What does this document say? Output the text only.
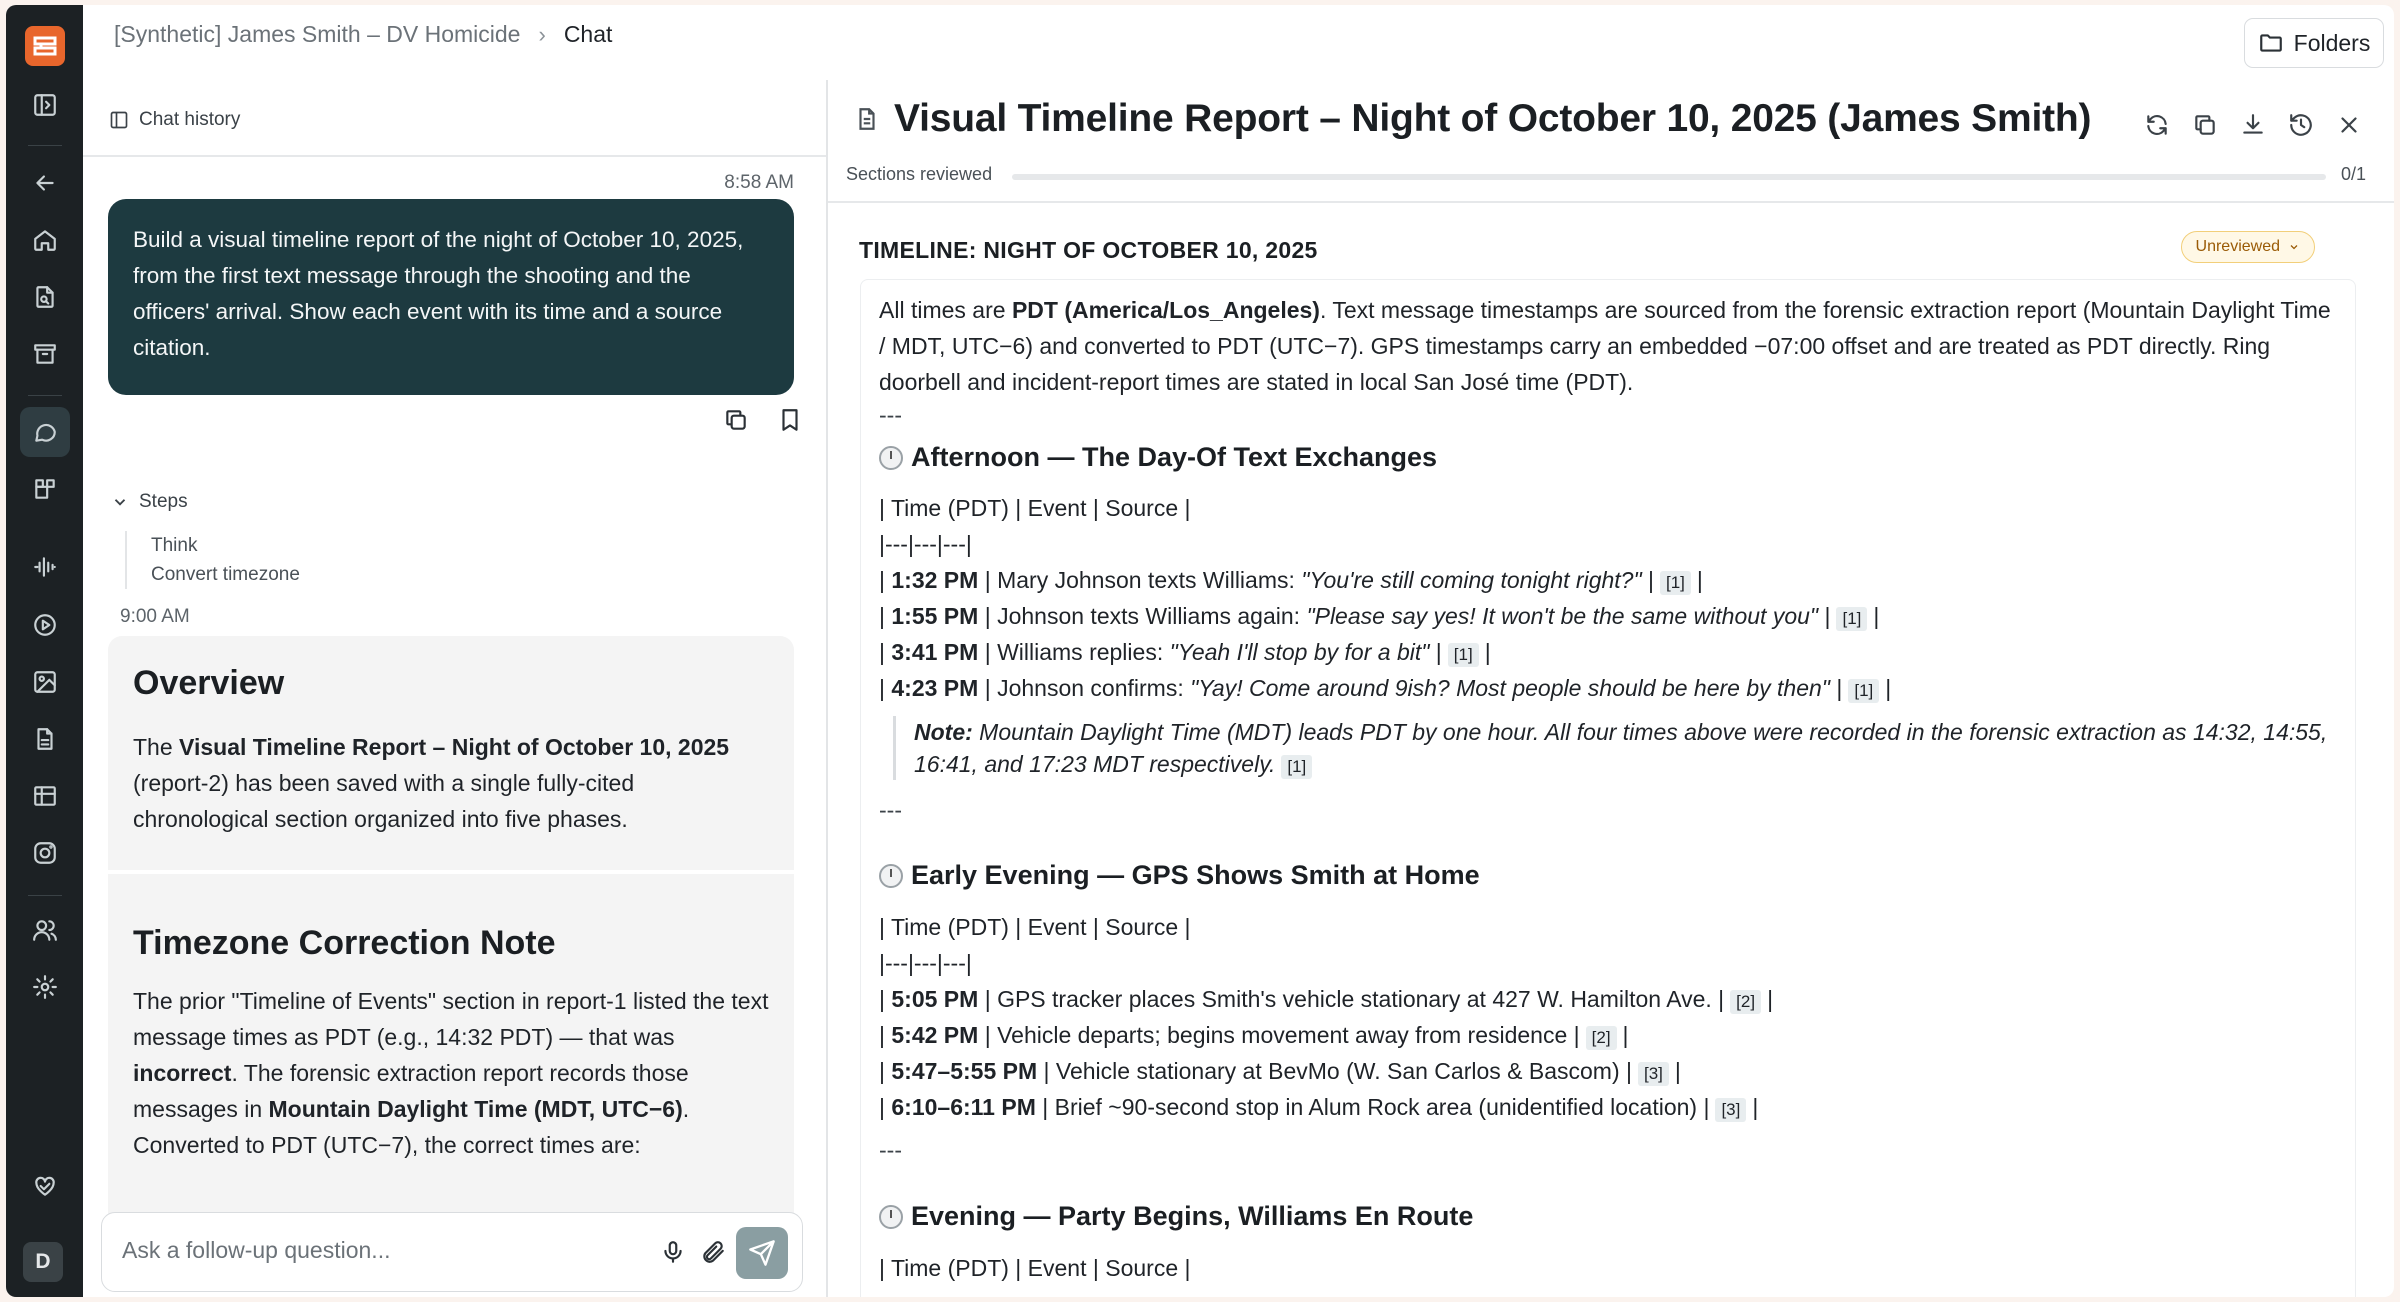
D
[Synthetic] James Smith – DV Homicide › Chat	Folders
Chat history
8:58 AM
Build a visual timeline report of the night of October 10, 2025, from the first text message through the shooting and the officers' arrival. Show each event with its time and a source citation.
Steps
Think
Convert timezone
9:00 AM
Overview

The Visual Timeline Report – Night of October 10, 2025 (report-2) has been saved with a single fully-cited chronological section organized into five phases.

Timezone Correction Note

The prior "Timeline of Events" section in report-1 listed the text message times as PDT (e.g., 14:32 PDT) — that was incorrect. The forensic extraction report records those messages in Mountain Daylight Time (MDT, UTC−6). Converted to PDT (UTC−7), the correct times are:

Ask a follow-up question...
Visual Timeline Report – Night of October 10, 2025 (James Smith)
Sections reviewed	0/1
TIMELINE: NIGHT OF OCTOBER 10, 2025	Unreviewed
All times are PDT (America/Los_Angeles). Text message timestamps are sourced from the forensic extraction report (Mountain Daylight Time / MDT, UTC−6) and converted to PDT (UTC−7). GPS timestamps carry an embedded −07:00 offset and are treated as PDT directly. Ring doorbell and incident-report times are stated in local San José time (PDT).
---
Afternoon — The Day-Of Text Exchanges
| Time (PDT) | Event | Source |
|---|---|---|
| 1:32 PM | Mary Johnson texts Williams: "You're still coming tonight right?" | [1] |
| 1:55 PM | Johnson texts Williams again: "Please say yes! It won't be the same without you" | [1] |
| 3:41 PM | Williams replies: "Yeah I'll stop by for a bit" | [1] |
| 4:23 PM | Johnson confirms: "Yay! Come around 9ish? Most people should be here by then" | [1] |
Note: Mountain Daylight Time (MDT) leads PDT by one hour. All four times above were recorded in the forensic extraction as 14:32, 14:55, 16:41, and 17:23 MDT respectively. [1]
---
Early Evening — GPS Shows Smith at Home
| Time (PDT) | Event | Source |
|---|---|---|
| 5:05 PM | GPS tracker places Smith's vehicle stationary at 427 W. Hamilton Ave. | [2] |
| 5:42 PM | Vehicle departs; begins movement away from residence | [2] |
| 5:47–5:55 PM | Vehicle stationary at BevMo (W. San Carlos & Bascom) | [3] |
| 6:10–6:11 PM | Brief ~90-second stop in Alum Rock area (unidentified location) | [3] |
---
Evening — Party Begins, Williams En Route
| Time (PDT) | Event | Source |
